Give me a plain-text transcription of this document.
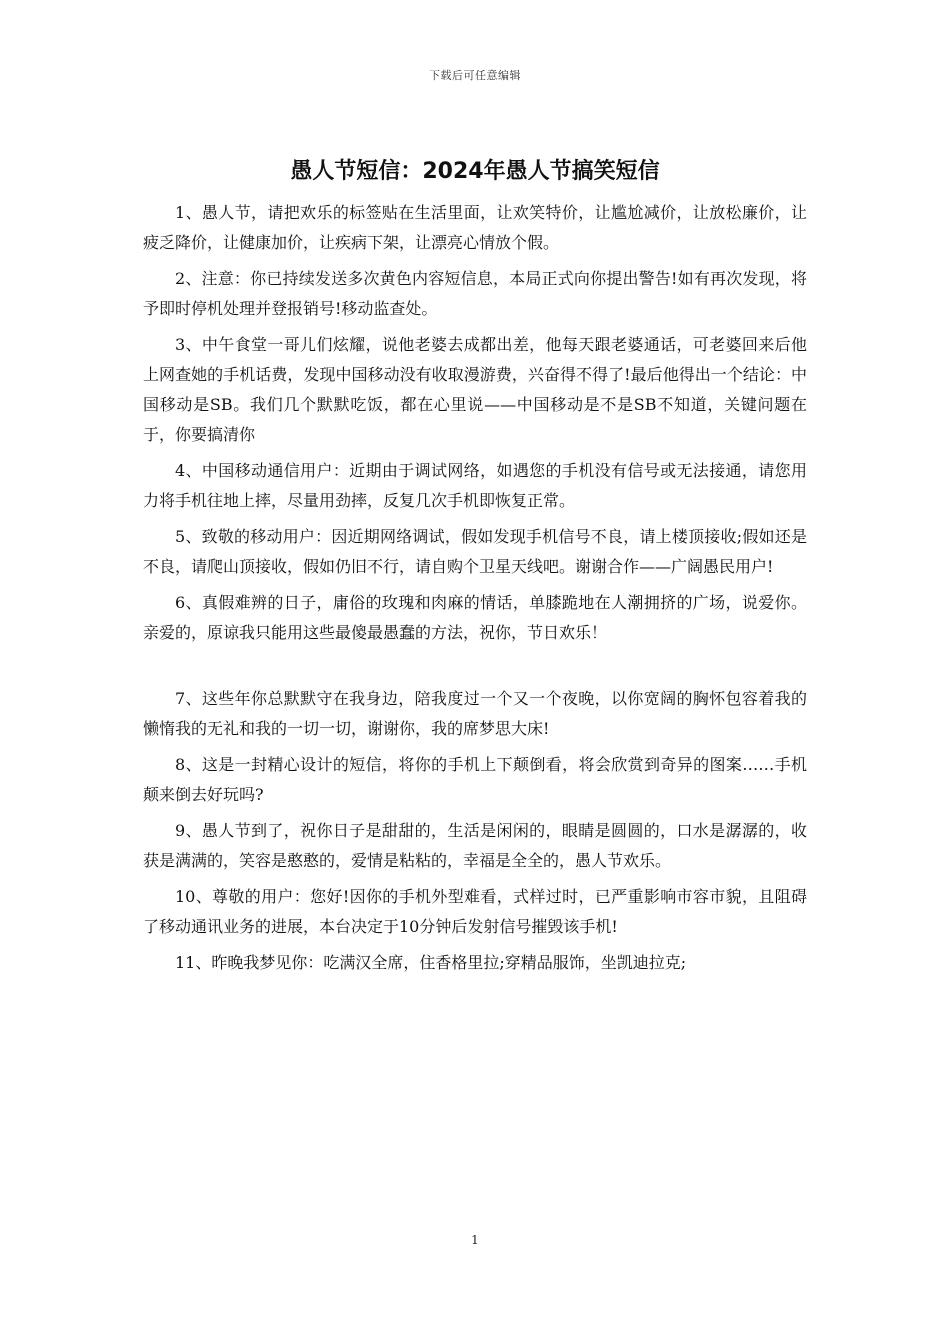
下载后可任意编辑
愚人节短信：2024年愚人节搞笑短信

1、愚人节，请把欢乐的标签贴在生活里面，让欢笑特价，让尴尬减价，让放松廉价，让疲乏降价，让健康加价，让疾病下架，让漂亮心情放个假。

2、注意：你已持续发送多次黄色内容短信息，本局正式向你提出警告!如有再次发现，将予即时停机处理并登报销号!移动监查处。

3、中午食堂一哥儿们炫耀，说他老婆去成都出差，他每天跟老婆通话，可老婆回来后他上网查她的手机话费，发现中国移动没有收取漫游费，兴奋得不得了!最后他得出一个结论：中国移动是SB。我们几个默默吃饭，都在心里说——中国移动是不是SB不知道，关键问题在于，你要搞清你

4、中国移动通信用户：近期由于调试网络，如遇您的手机没有信号或无法接通，请您用力将手机往地上摔，尽量用劲摔，反复几次手机即恢复正常。

5、致敬的移动用户：因近期网络调试，假如发现手机信号不良，请上楼顶接收;假如还是不良，请爬山顶接收，假如仍旧不行，请自购个卫星天线吧。谢谢合作——广阔愚民用户!

6、真假难辨的日子，庸俗的玫瑰和肉麻的情话，单膝跪地在人潮拥挤的广场，说爱你。亲爱的，原谅我只能用这些最傻最愚蠢的方法，祝你，节日欢乐！

7、这些年你总默默守在我身边，陪我度过一个又一个夜晚，以你宽阔的胸怀包容着我的懒惰我的无礼和我的一切一切，谢谢你，我的席梦思大床!

8、这是一封精心设计的短信，将你的手机上下颠倒看，将会欣赏到奇异的图案……手机颠来倒去好玩吗?

9、愚人节到了，祝你日子是甜甜的，生活是闲闲的，眼睛是圆圆的，口水是潺潺的，收获是满满的，笑容是憨憨的，爱情是粘粘的，幸福是全全的，愚人节欢乐。

10、尊敬的用户：您好!因你的手机外型难看，式样过时，已严重影响市容市貌，且阻碍了移动通讯业务的进展，本台决定于10分钟后发射信号摧毁该手机!

11、昨晚我梦见你：吃满汉全席，住香格里拉;穿精品服饰，坐凯迪拉克;

1
